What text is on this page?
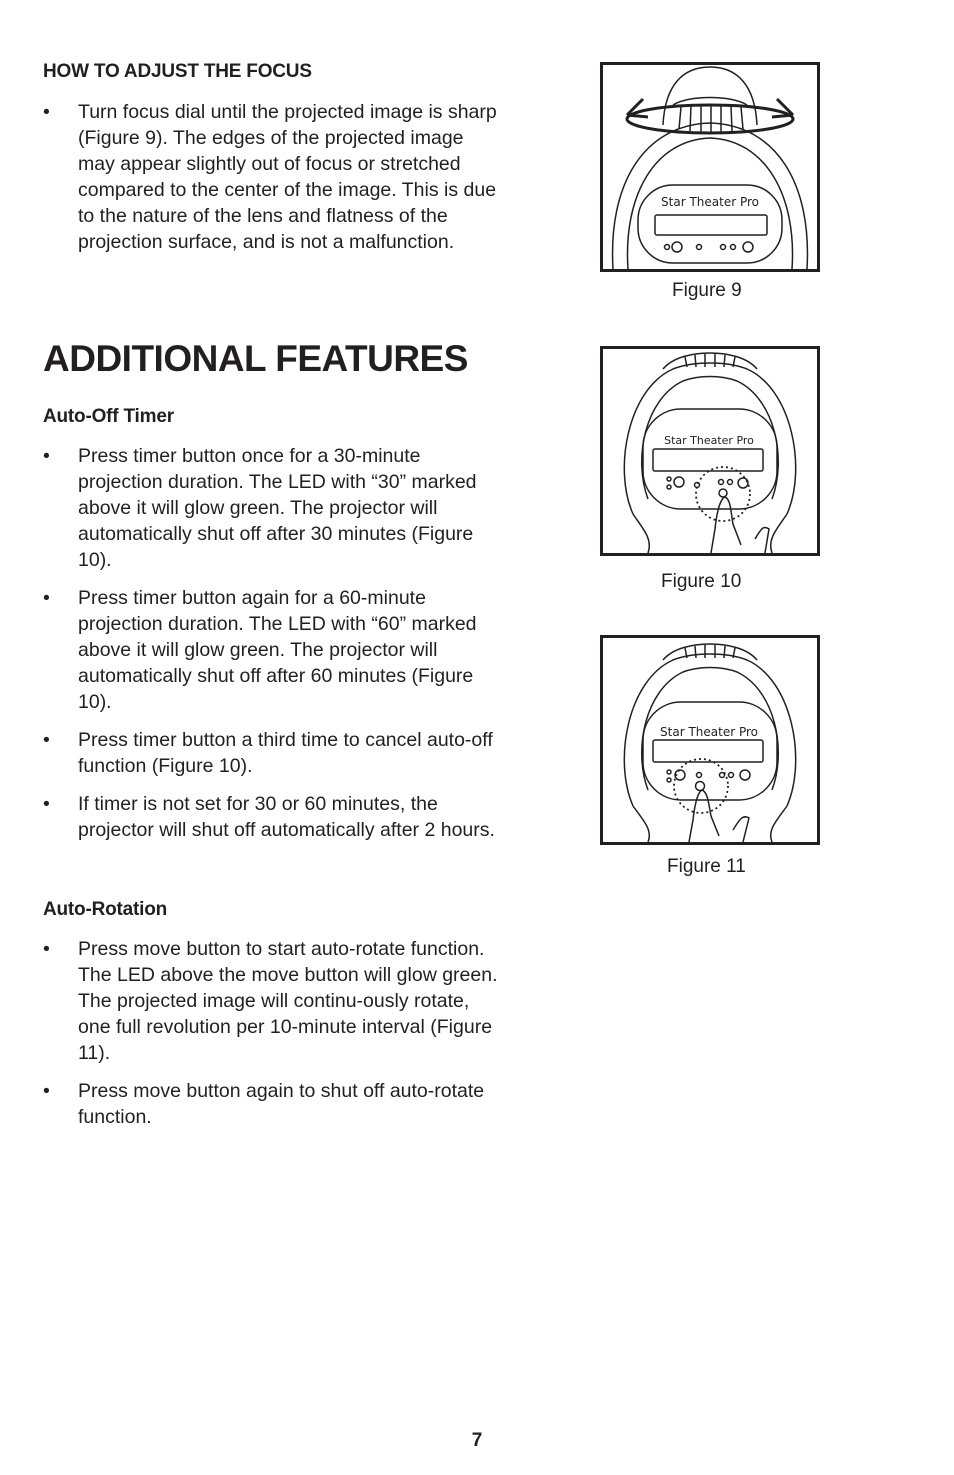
HOW TO ADJUST THE FOCUS
• Turn focus dial until the projected image is sharp (Figure 9). The edges of the projected image may appear slightly out of focus or stretched compared to the center of the image. This is due to the nature of the lens and flatness of the projection surface, and is not a malfunction.
ADDITIONAL FEATURES
Auto-Off Timer
• Press timer button once for a 30-minute projection duration. The LED with “30” marked above it will glow green. The projector will automatically shut off after 30 minutes (Figure 10).
• Press timer button again for a 60-minute projection duration. The LED with “60” marked above it will glow green. The projector will automatically shut off after 60 minutes (Figure 10).
• Press timer button a third time to cancel auto-off function (Figure 10).
• If timer is not set for 30 or 60 minutes, the projector will shut off automatically after 2 hours.
Auto-Rotation
• Press move button to start auto-rotate function. The LED above the move button will glow green. The projected image will continu-ously rotate, one full revolution per 10-minute interval (Figure 11).
• Press move button again to shut off auto-rotate function.
Star Theater Pro
Figure 9
Star Theater Pro
Figure 10
Star Theater Pro
Figure 11
7
